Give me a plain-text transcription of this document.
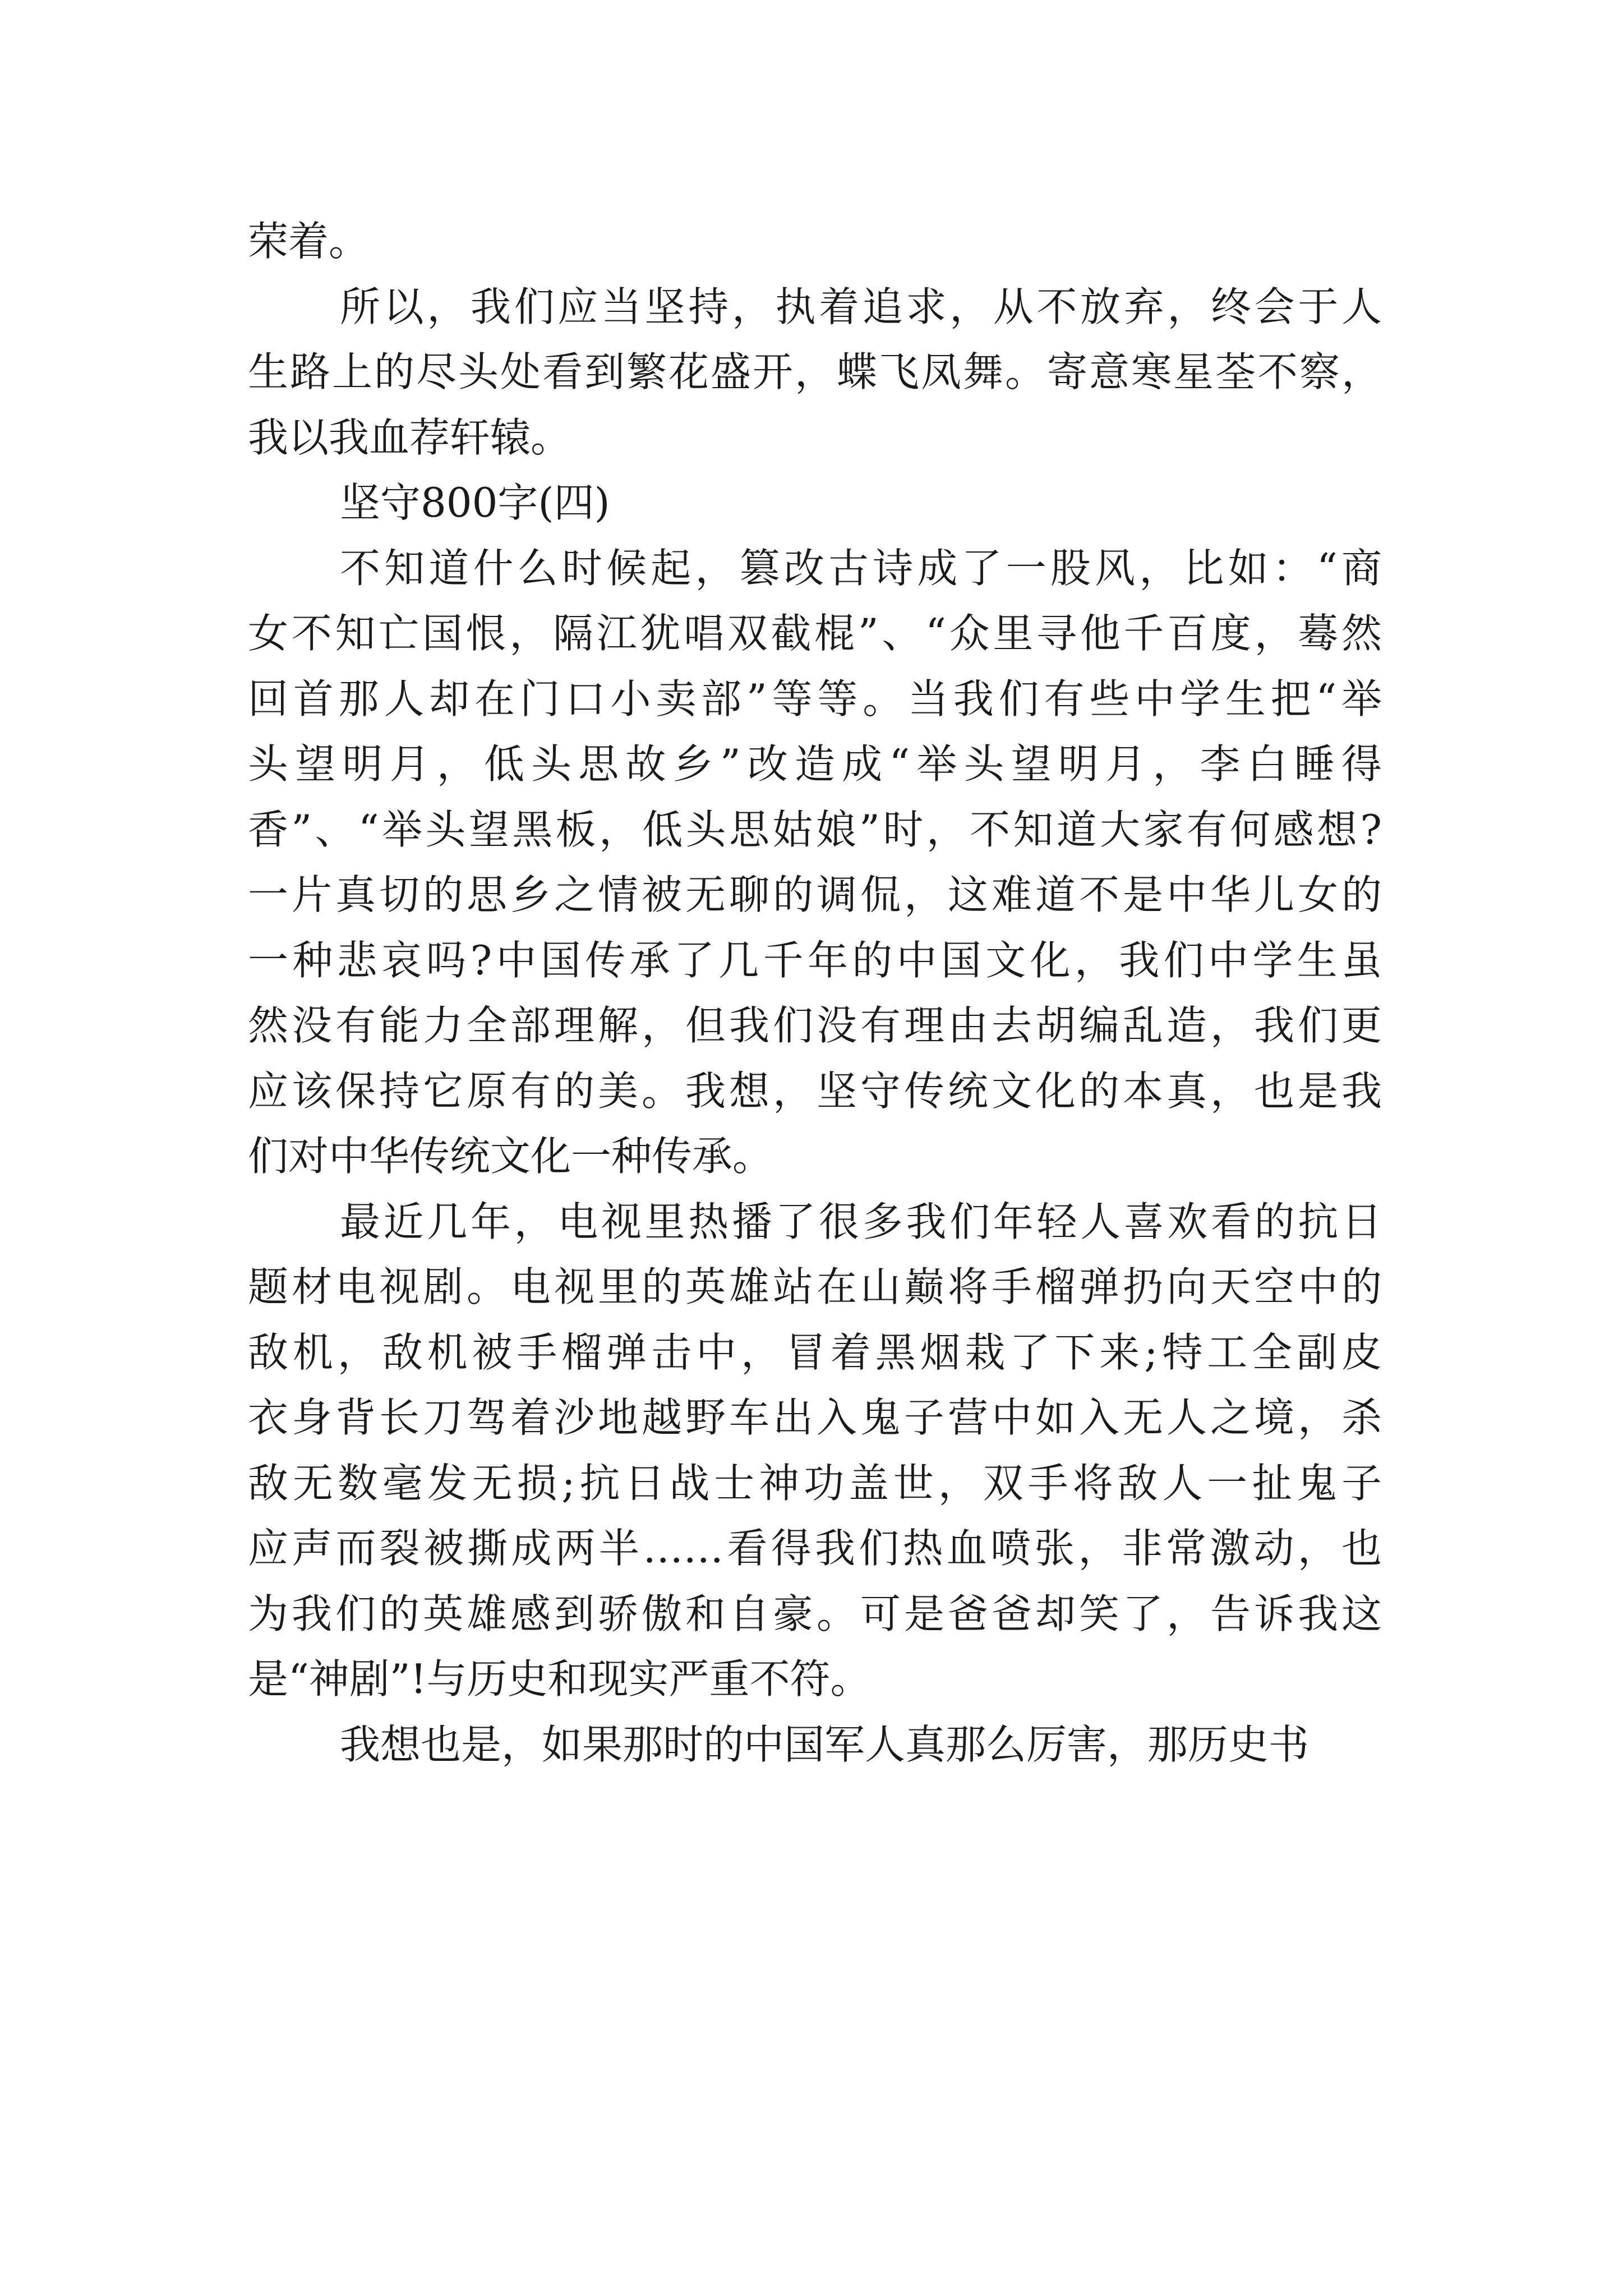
荣着。
所以，我们应当坚持，执着追求，从不放弃，终会于人
生路上的尽头处看到繁花盛开，蝶飞凤舞。寄意寒星荃不察，
我以我血荐轩辕。
坚守800字(四)
不知道什么时候起，篡改古诗成了一股风，比如：“商
女不知亡国恨，隔江犹唱双截棍”、“众里寻他千百度，蓦然
回首那人却在门口小卖部”等等。当我们有些中学生把“举
头望明月，低头思故乡”改造成“举头望明月，李白睡得
香”、“举头望黑板，低头思姑娘”时，不知道大家有何感想?
一片真切的思乡之情被无聊的调侃，这难道不是中华儿女的
一种悲哀吗?中国传承了几千年的中国文化，我们中学生虽
然没有能力全部理解，但我们没有理由去胡编乱造，我们更
应该保持它原有的美。我想，坚守传统文化的本真，也是我
们对中华传统文化一种传承。
最近几年，电视里热播了很多我们年轻人喜欢看的抗日
题材电视剧。电视里的英雄站在山巅将手榴弹扔向天空中的
敌机，敌机被手榴弹击中，冒着黑烟栽了下来;特工全副皮
衣身背长刀驾着沙地越野车出入鬼子营中如入无人之境，杀
敌无数毫发无损;抗日战士神功盖世，双手将敌人一扯鬼子
应声而裂被撕成两半……看得我们热血喷张，非常激动，也
为我们的英雄感到骄傲和自豪。可是爸爸却笑了，告诉我这
是“神剧”!与历史和现实严重不符。
我想也是，如果那时的中国军人真那么厉害，那历史书
